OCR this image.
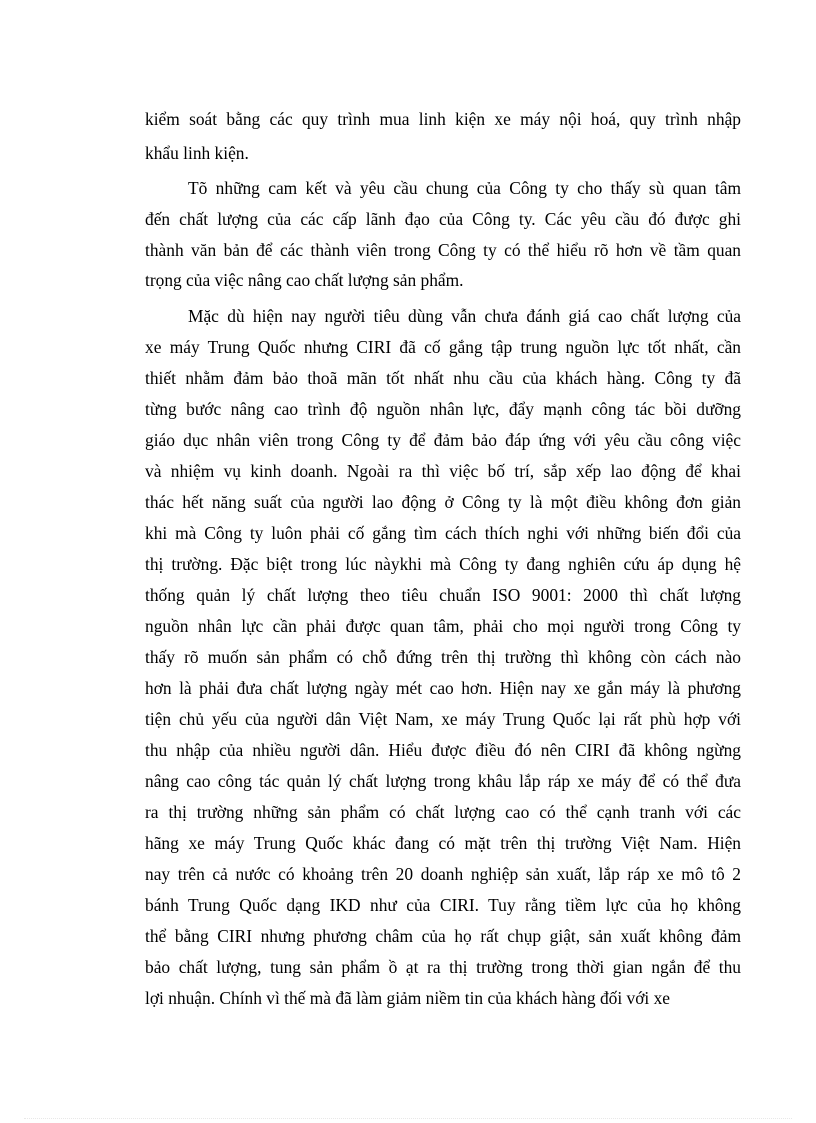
kiểm soát bằng các quy trình mua linh kiện xe máy nội hoá, quy trình nhập
khẩu linh kiện.
Tõ những cam kết và yêu cầu chung của Công ty cho thấy sù quan tâm
đến chất lượng của các cấp lãnh đạo của Công ty. Các yêu cầu đó được ghi
thành văn bản để các thành viên trong Công ty có thể hiểu rõ hơn về tầm quan
trọng của việc nâng cao chất lượng sản phẩm.
Mặc dù hiện nay người tiêu dùng vẫn chưa đánh giá cao chất lượng của
xe máy Trung Quốc nhưng CIRI đã cố gắng tập trung nguồn lực tốt nhất, cần
thiết nhằm đảm bảo thoã mãn tốt nhất nhu cầu của khách hàng. Công ty đã
từng bước nâng cao trình độ nguồn nhân lực, đẩy mạnh công tác bồi dưỡng
giáo dục nhân viên trong Công ty để đảm bảo đáp ứng với yêu cầu công việc
và nhiệm vụ kinh doanh. Ngoài ra thì việc bố trí, sắp xếp lao động để khai
thác hết năng suất của người lao động ở Công ty là một điều không đơn giản
khi mà Công ty luôn phải cố gắng tìm cách thích nghi với những biến đổi của
thị trường. Đặc biệt trong lúc nàykhi mà Công ty đang nghiên cứu áp dụng hệ
thống quản lý chất lượng theo tiêu chuẩn ISO 9001: 2000 thì chất lượng
nguồn nhân lực cần phải được quan tâm, phải cho mọi người trong Công ty
thấy rõ muốn sản phẩm có chỗ đứng trên thị trường thì không còn cách nào
hơn là phải đưa chất lượng ngày mét cao hơn. Hiện nay xe gắn máy là phương
tiện chủ yếu của người dân Việt Nam, xe máy Trung Quốc lại rất phù hợp với
thu nhập của nhiều người dân. Hiểu được điều đó nên CIRI đã không ngừng
nâng cao công tác quản lý chất lượng trong khâu lắp ráp xe máy để có thể đưa
ra thị trường những sản phẩm có chất lượng cao có thể cạnh tranh với các
hãng xe máy Trung Quốc khác đang có mặt trên thị trường Việt Nam. Hiện
nay trên cả nước có khoảng trên 20 doanh nghiệp sản xuất, lắp ráp xe mô tô 2
bánh Trung Quốc dạng IKD như của CIRI. Tuy rằng tiềm lực của họ không
thể bằng CIRI nhưng phương châm của họ rất chụp giật, sản xuất không đảm
bảo chất lượng, tung sản phẩm ồ ạt ra thị trường trong thời gian ngắn để thu
lợi nhuận. Chính vì thế mà đã làm giảm niềm tin của khách hàng đối với xe
